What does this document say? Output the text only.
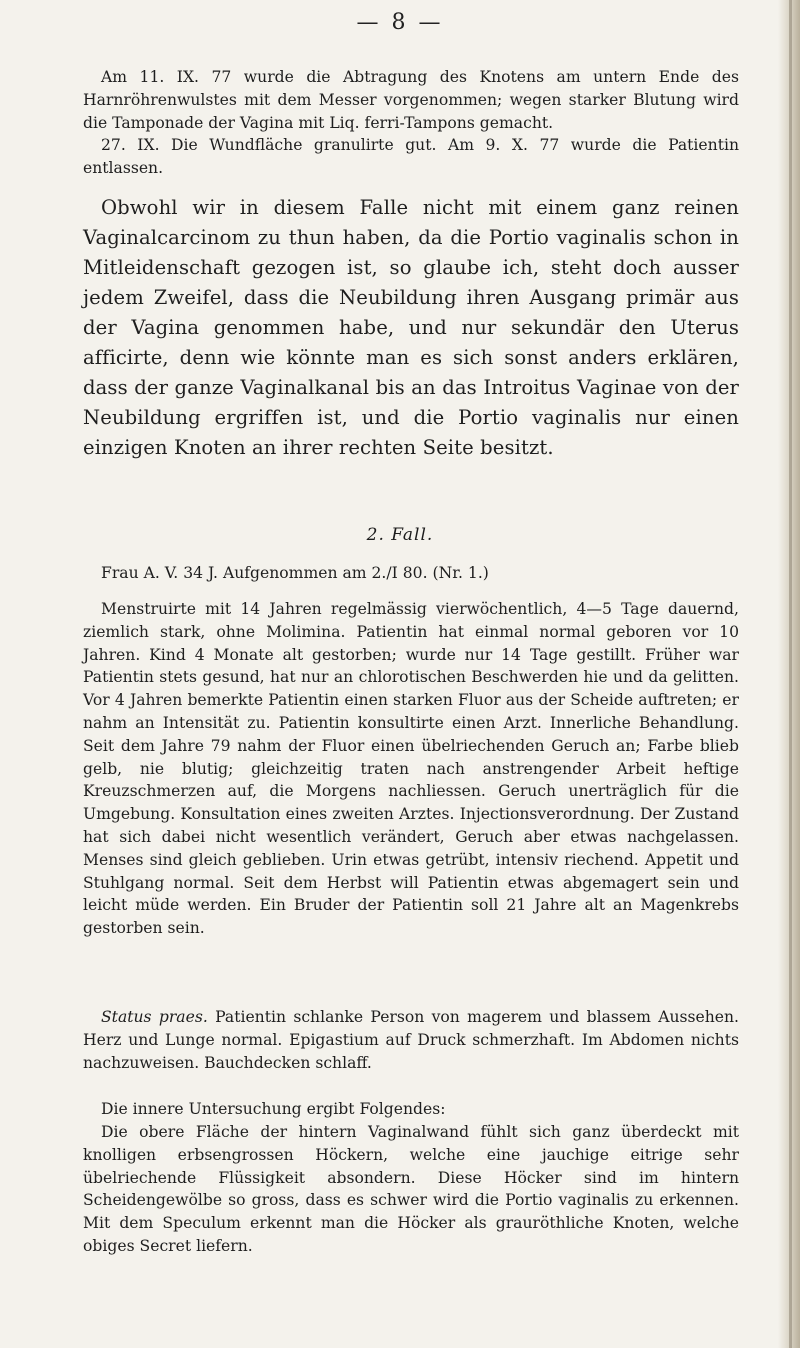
— 8 —

Am 11. IX. 77 wurde die Abtragung des Knotens am untern Ende des Harnröhrenwulstes mit dem Messer vorgenommen; wegen starker Blutung wird die Tamponade der Vagina mit Liq. ferri-Tampons gemacht.

27. IX. Die Wundfläche granulirte gut. Am 9. X. 77 wurde die Patientin entlassen.

Obwohl wir in diesem Falle nicht mit einem ganz reinen Vaginalcarcinom zu thun haben, da die Portio vaginalis schon in Mitleidenschaft gezogen ist, so glaube ich, steht doch ausser jedem Zweifel, dass die Neubildung ihren Ausgang primär aus der Vagina genommen habe, und nur sekundär den Uterus afficirte, denn wie könnte man es sich sonst anders erklären, dass der ganze Vaginalkanal bis an das Introitus Vaginae von der Neubildung ergriffen ist, und die Portio vaginalis nur einen einzigen Knoten an ihrer rechten Seite besitzt.

2. Fall.

Frau A. V. 34 J. Aufgenommen am 2./I 80. (Nr. 1.)

Menstruirte mit 14 Jahren regelmässig vierwöchentlich, 4—5 Tage dauernd, ziemlich stark, ohne Molimina. Patientin hat einmal normal geboren vor 10 Jahren. Kind 4 Monate alt gestorben; wurde nur 14 Tage gestillt. Früher war Patientin stets gesund, hat nur an chlorotischen Beschwerden hie und da gelitten. Vor 4 Jahren bemerkte Patientin einen starken Fluor aus der Scheide auftreten; er nahm an Intensität zu. Patientin konsultirte einen Arzt. Innerliche Behandlung. Seit dem Jahre 79 nahm der Fluor einen übelriechenden Geruch an; Farbe blieb gelb, nie blutig; gleichzeitig traten nach anstrengender Arbeit heftige Kreuzschmerzen auf, die Morgens nachliessen. Geruch unerträglich für die Umgebung. Konsultation eines zweiten Arztes. Injectionsverordnung. Der Zustand hat sich dabei nicht wesentlich verändert, Geruch aber etwas nachgelassen. Menses sind gleich geblieben. Urin etwas getrübt, intensiv riechend. Appetit und Stuhlgang normal. Seit dem Herbst will Patientin etwas abgemagert sein und leicht müde werden. Ein Bruder der Patientin soll 21 Jahre alt an Magenkrebs gestorben sein.

Status praes. Patientin schlanke Person von magerem und blassem Aussehen. Herz und Lunge normal. Epigastium auf Druck schmerzhaft. Im Abdomen nichts nachzuweisen. Bauchdecken schlaff.

Die innere Untersuchung ergibt Folgendes:

Die obere Fläche der hintern Vaginalwand fühlt sich ganz überdeckt mit knolligen erbsengrossen Höckern, welche eine jauchige eitrige sehr übelriechende Flüssigkeit absondern. Diese Höcker sind im hintern Scheidengewölbe so gross, dass es schwer wird die Portio vaginalis zu erkennen. Mit dem Speculum erkennt man die Höcker als grauröthliche Knoten, welche obiges Secret liefern.
